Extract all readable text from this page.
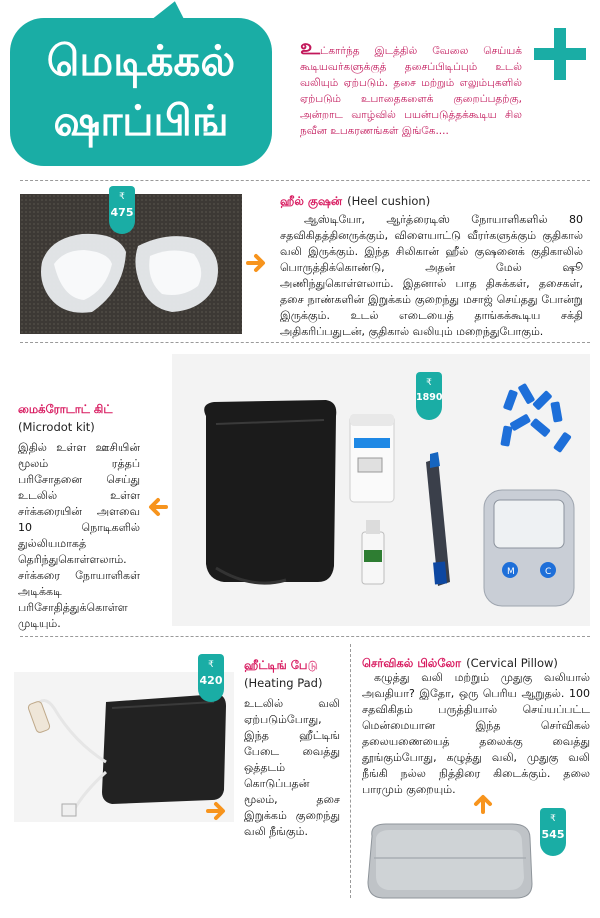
மெடிக்கல்
ஷாப்பிங்
உட்கார்ந்த இடத்தில் வேலை செய்யக் கூடியவர்களுக்குத் தசைப்பிடிப்பும் உடல் வலியும் ஏற்படும். தசை மற்றும் எலும்புகளில் ஏற்படும் உபாதைகளைக் குறைப்பதற்கு, அன்றாட வாழ்வில் பயன்படுத்தக்கூடிய சில நவீன உபகரணங்கள் இங்கே....
₹
475
ஹீல் குஷன் (Heel cushion)
ஆஸ்டியோ, ஆர்த்ரைடிஸ் நோயாளிகளில் 80 சதவிகிதத்தினருக்கும், விளையாட்டு வீரர்களுக்கும் குதிகால் வலி இருக்கும். இந்த சிலிகான் ஹீல் குஷனைக் குதிகாலில் பொருத்திக்கொண்டு, அதன் மேல் ஷூ அணிந்துகொள்ளலாம். இதனால் பாத திசுக்கள், தசைகள், தசை நாண்களின் இறுக்கம் குறைந்து மசாஜ் செய்தது போன்று இருக்கும். உடல் எடையைத் தாங்கக்கூடிய சக்தி அதிகரிப்பதுடன், குதிகால் வலியும் மறைந்துபோகும்.
மைக்ரோடாட் கிட்
(Microdot kit)
இதில் உள்ள ஊசியின் மூலம் ரத்தப் பரிசோதனை செய்து உடலில் உள்ள சர்க்கரையின் அளவை 10 நொடிகளில் துல்லியமாகத் தெரிந்துகொள்ளலாம். சர்க்கரை நோயாளிகள் அடிக்கடி பரிசோதித்துக்கொள்ள முடியும்.
M	C
₹
1890
₹
420
ஹீட்டிங் பேடு
(Heating Pad)
உடலில் வலி ஏற்படும்போது, இந்த ஹீட்டிங் பேடை வைத்து ஒத்தடம் கொடுப்பதன் மூலம், தசை இறுக்கம் குறைந்து வலி நீங்கும்.
செர்விகல் பில்லோ (Cervical Pillow)
கழுத்து வலி மற்றும் முதுகு வலியால் அவதியா? இதோ, ஒரு பெரிய ஆறுதல். 100 சதவிகிதம் பருத்தியால் செய்யப்பட்ட மென்மையான இந்த செர்விகல் தலையணையைத் தலைக்கு வைத்து தூங்கும்போது, கழுத்து வலி, முதுகு வலி நீங்கி நல்ல நித்திரை கிடைக்கும். தலை பாரமும் குறையும்.
₹
545
